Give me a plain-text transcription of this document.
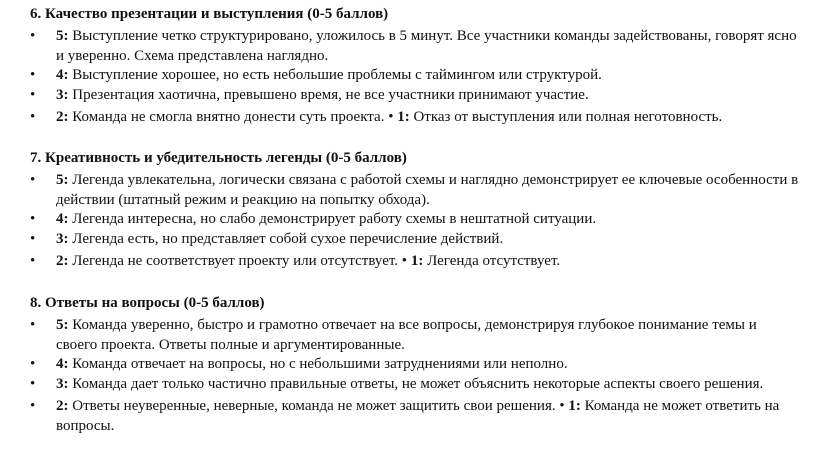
6. Качество презентации и выступления (0-5 баллов)

•	5: Выступление четко структурировано, уложилось в 5 минут. Все участники команды задействованы, говорят ясно и уверенно. Схема представлена наглядно.
•	4: Выступление хорошее, но есть небольшие проблемы с таймингом или структурой.
•	3: Презентация хаотична, превышено время, не все участники принимают участие.
•	2: Команда не смогла внятно донести суть проекта. • 1: Отказ от выступления или полная неготовность.

7. Креативность и убедительность легенды (0-5 баллов)

•	5: Легенда увлекательна, логически связана с работой схемы и наглядно демонстрирует ее ключевые особенности в действии (штатный режим и реакцию на попытку обхода).
•	4: Легенда интересна, но слабо демонстрирует работу схемы в нештатной ситуации.
•	3: Легенда есть, но представляет собой сухое перечисление действий.
•	2: Легенда не соответствует проекту или отсутствует. • 1: Легенда отсутствует.

8. Ответы на вопросы (0-5 баллов)

•	5: Команда уверенно, быстро и грамотно отвечает на все вопросы, демонстрируя глубокое понимание темы и своего проекта. Ответы полные и аргументированные.
•	4: Команда отвечает на вопросы, но с небольшими затруднениями или неполно.
•	3: Команда дает только частично правильные ответы, не может объяснить некоторые аспекты своего решения.
•	2: Ответы неуверенные, неверные, команда не может защитить свои решения. • 1: Команда не может ответить на вопросы.
